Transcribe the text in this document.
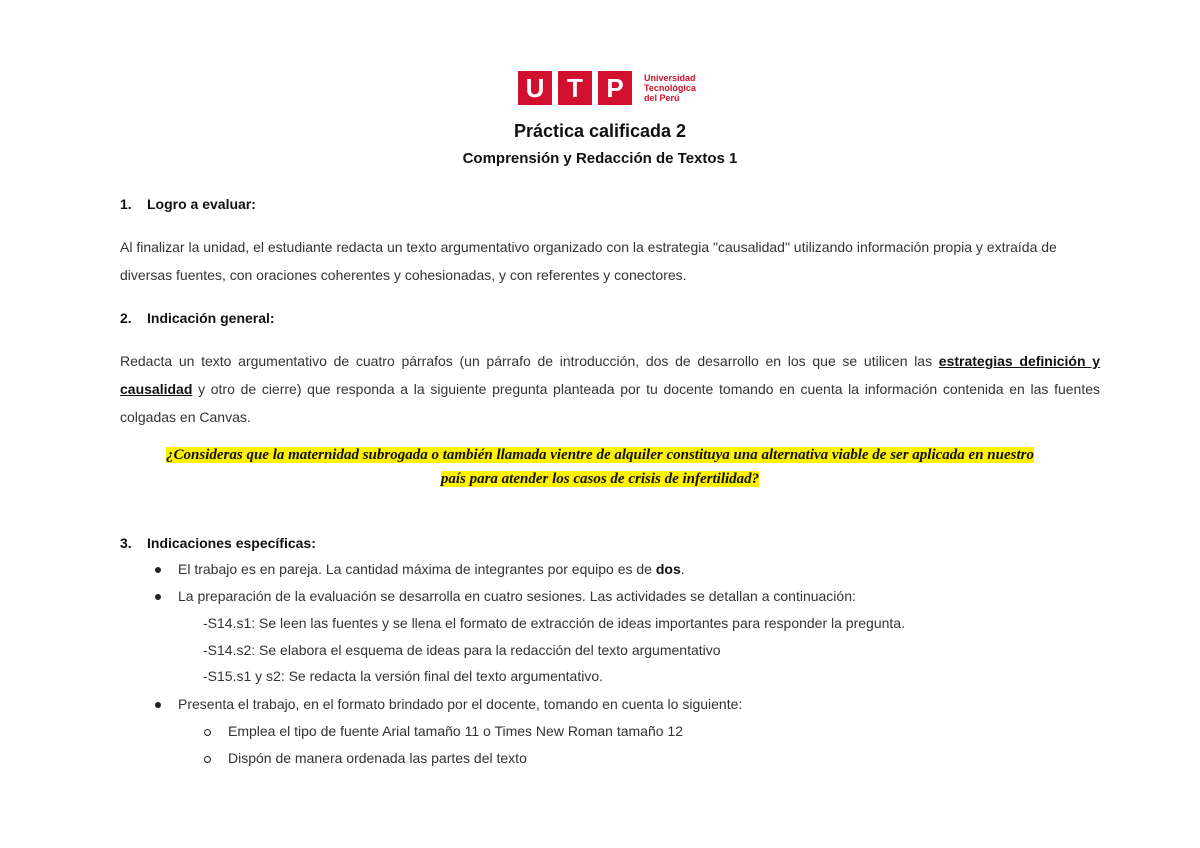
U T P	Universidad
Tecnológica
del Perú
Práctica calificada 2
Comprensión y Redacción de Textos 1
1. Logro a evaluar:
Al finalizar la unidad, el estudiante redacta un texto argumentativo organizado con la estrategia "causalidad" utilizando información propia y extraída de diversas fuentes, con oraciones coherentes y cohesionadas, y con referentes y conectores.
2. Indicación general:
Redacta un texto argumentativo de cuatro párrafos (un párrafo de introducción, dos de desarrollo en los que se utilicen las estrategias definición y causalidad y otro de cierre) que responda a la siguiente pregunta planteada por tu docente tomando en cuenta la información contenida en las fuentes colgadas en Canvas.
¿Consideras que la maternidad subrogada o también llamada vientre de alquiler constituya una alternativa viable de ser aplicada en nuestro
país para atender los casos de crisis de infertilidad?
3. Indicaciones específicas:
El trabajo es en pareja. La cantidad máxima de integrantes por equipo es de dos.
La preparación de la evaluación se desarrolla en cuatro sesiones. Las actividades se detallan a continuación:
-S14.s1: Se leen las fuentes y se llena el formato de extracción de ideas importantes para responder la pregunta.
-S14.s2: Se elabora el esquema de ideas para la redacción del texto argumentativo
-S15.s1 y s2: Se redacta la versión final del texto argumentativo.
Presenta el trabajo, en el formato brindado por el docente, tomando en cuenta lo siguiente:
Emplea el tipo de fuente Arial tamaño 11 o Times New Roman tamaño 12
Dispón de manera ordenada las partes del texto
